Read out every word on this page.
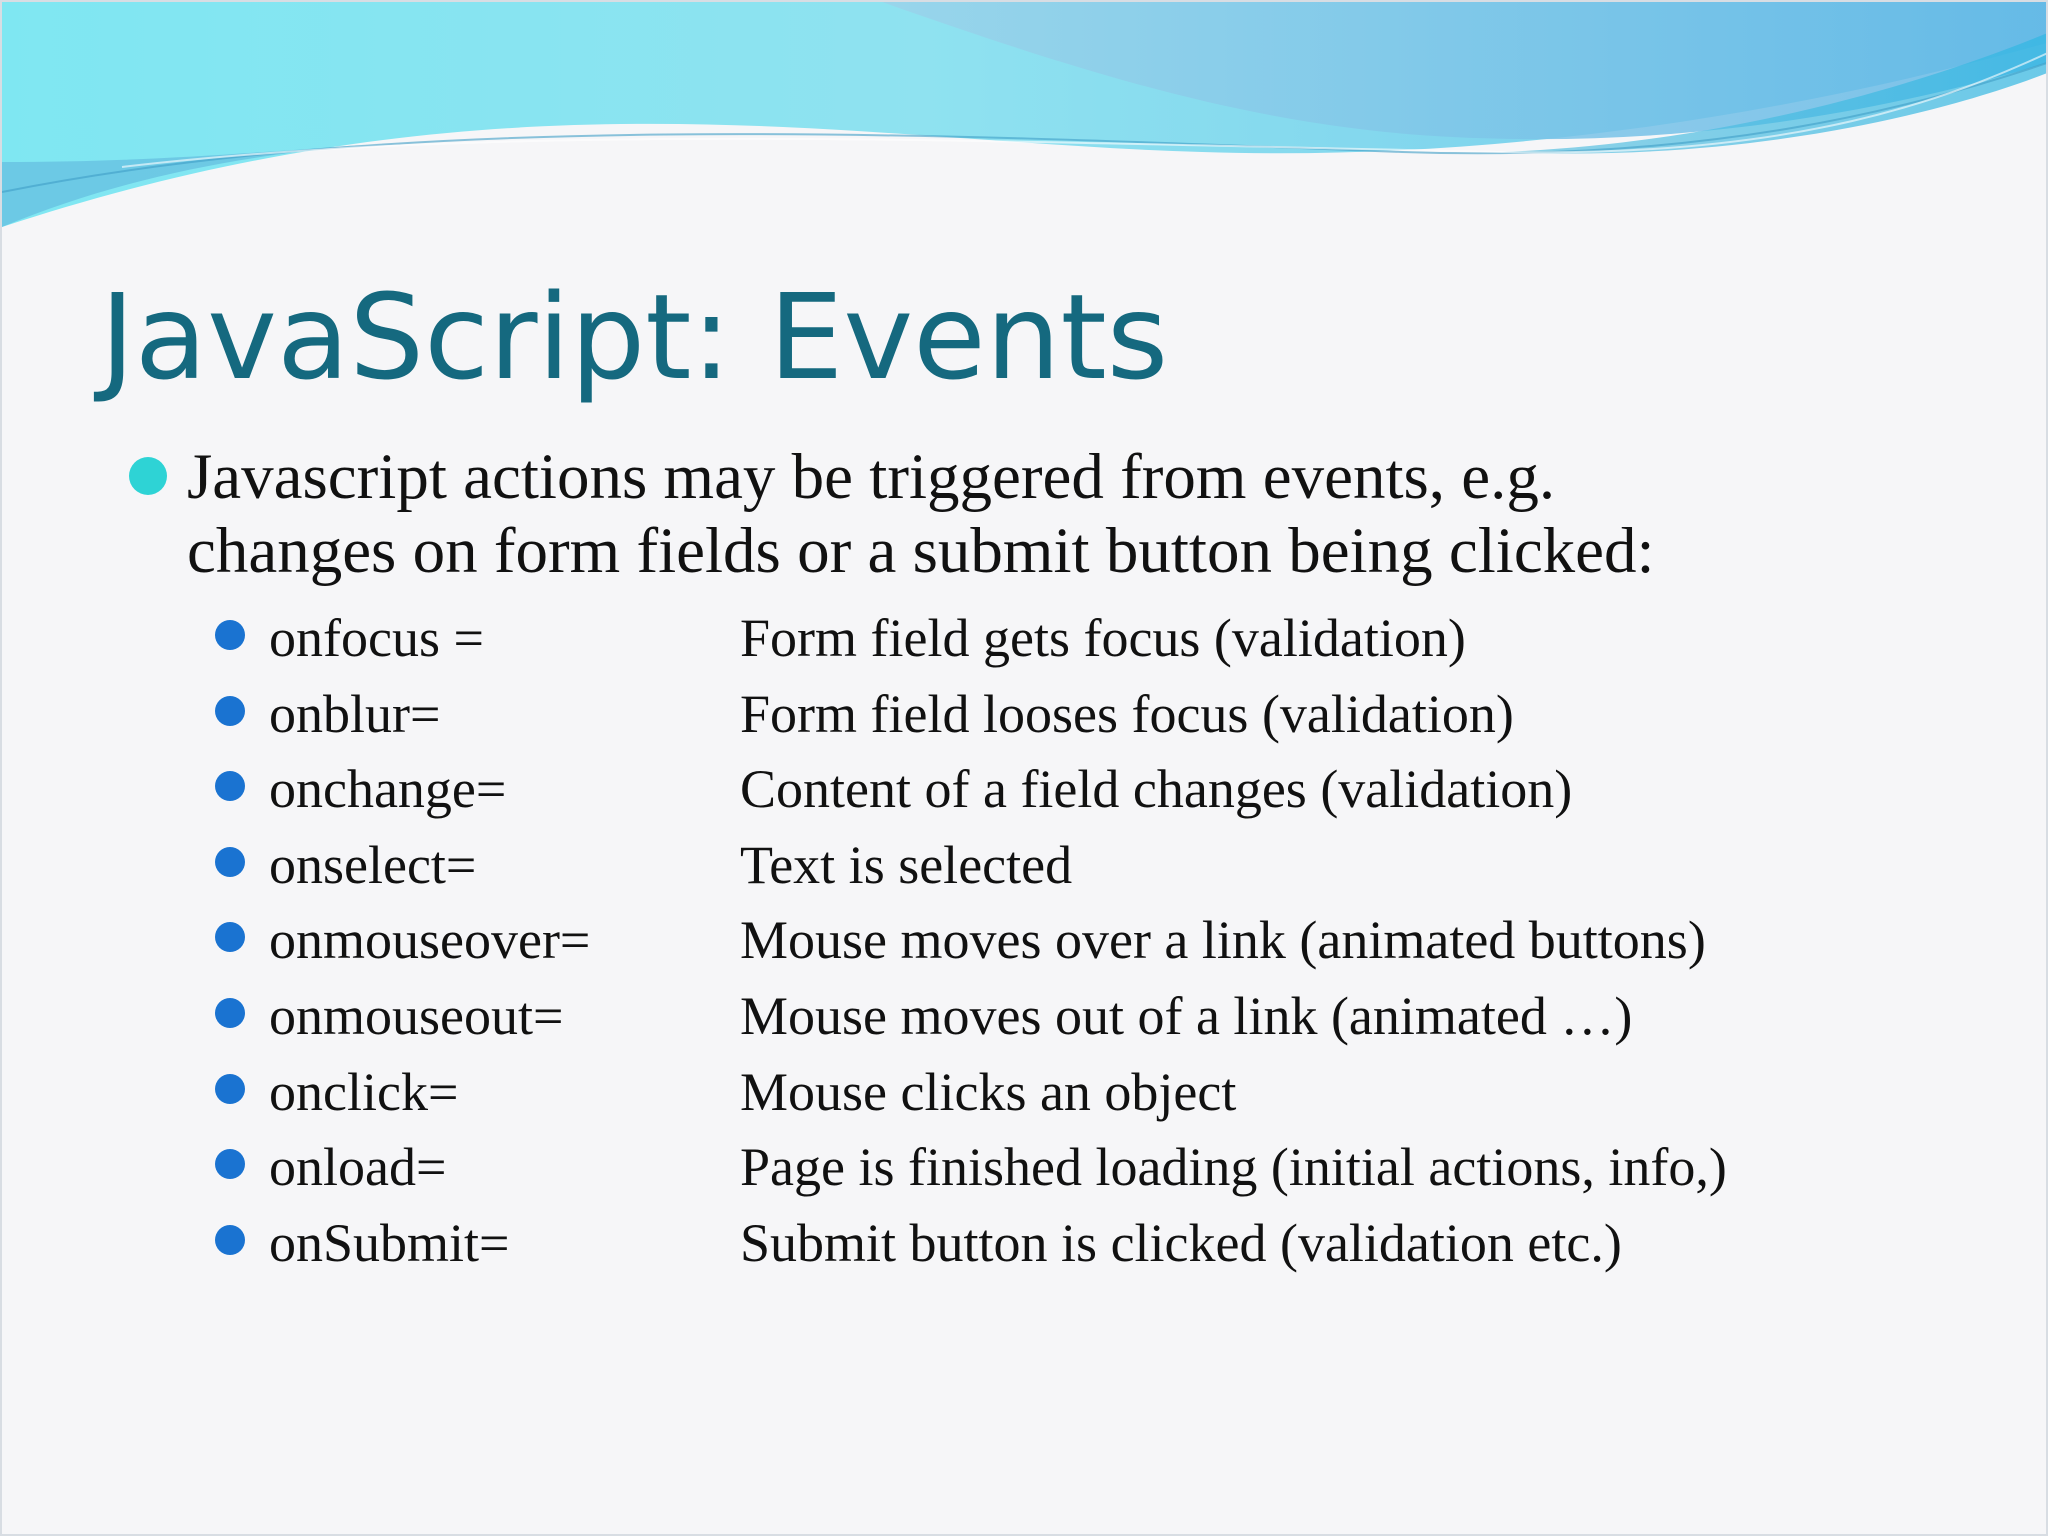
JavaScript: Events

Javascript actions may be triggered from events, e.g.
changes on form fields or a submit button being clicked:

onfocus =	Form field gets focus (validation)
onblur=	Form field looses focus (validation)
onchange=	Content of a field changes (validation)
onselect=	Text is selected
onmouseover=	Mouse moves over a link (animated buttons)
onmouseout=	Mouse moves out of a link (animated …)
onclick=	Mouse clicks an object
onload=	Page is finished loading (initial actions, info,)
onSubmit=	Submit button is clicked (validation etc.)
